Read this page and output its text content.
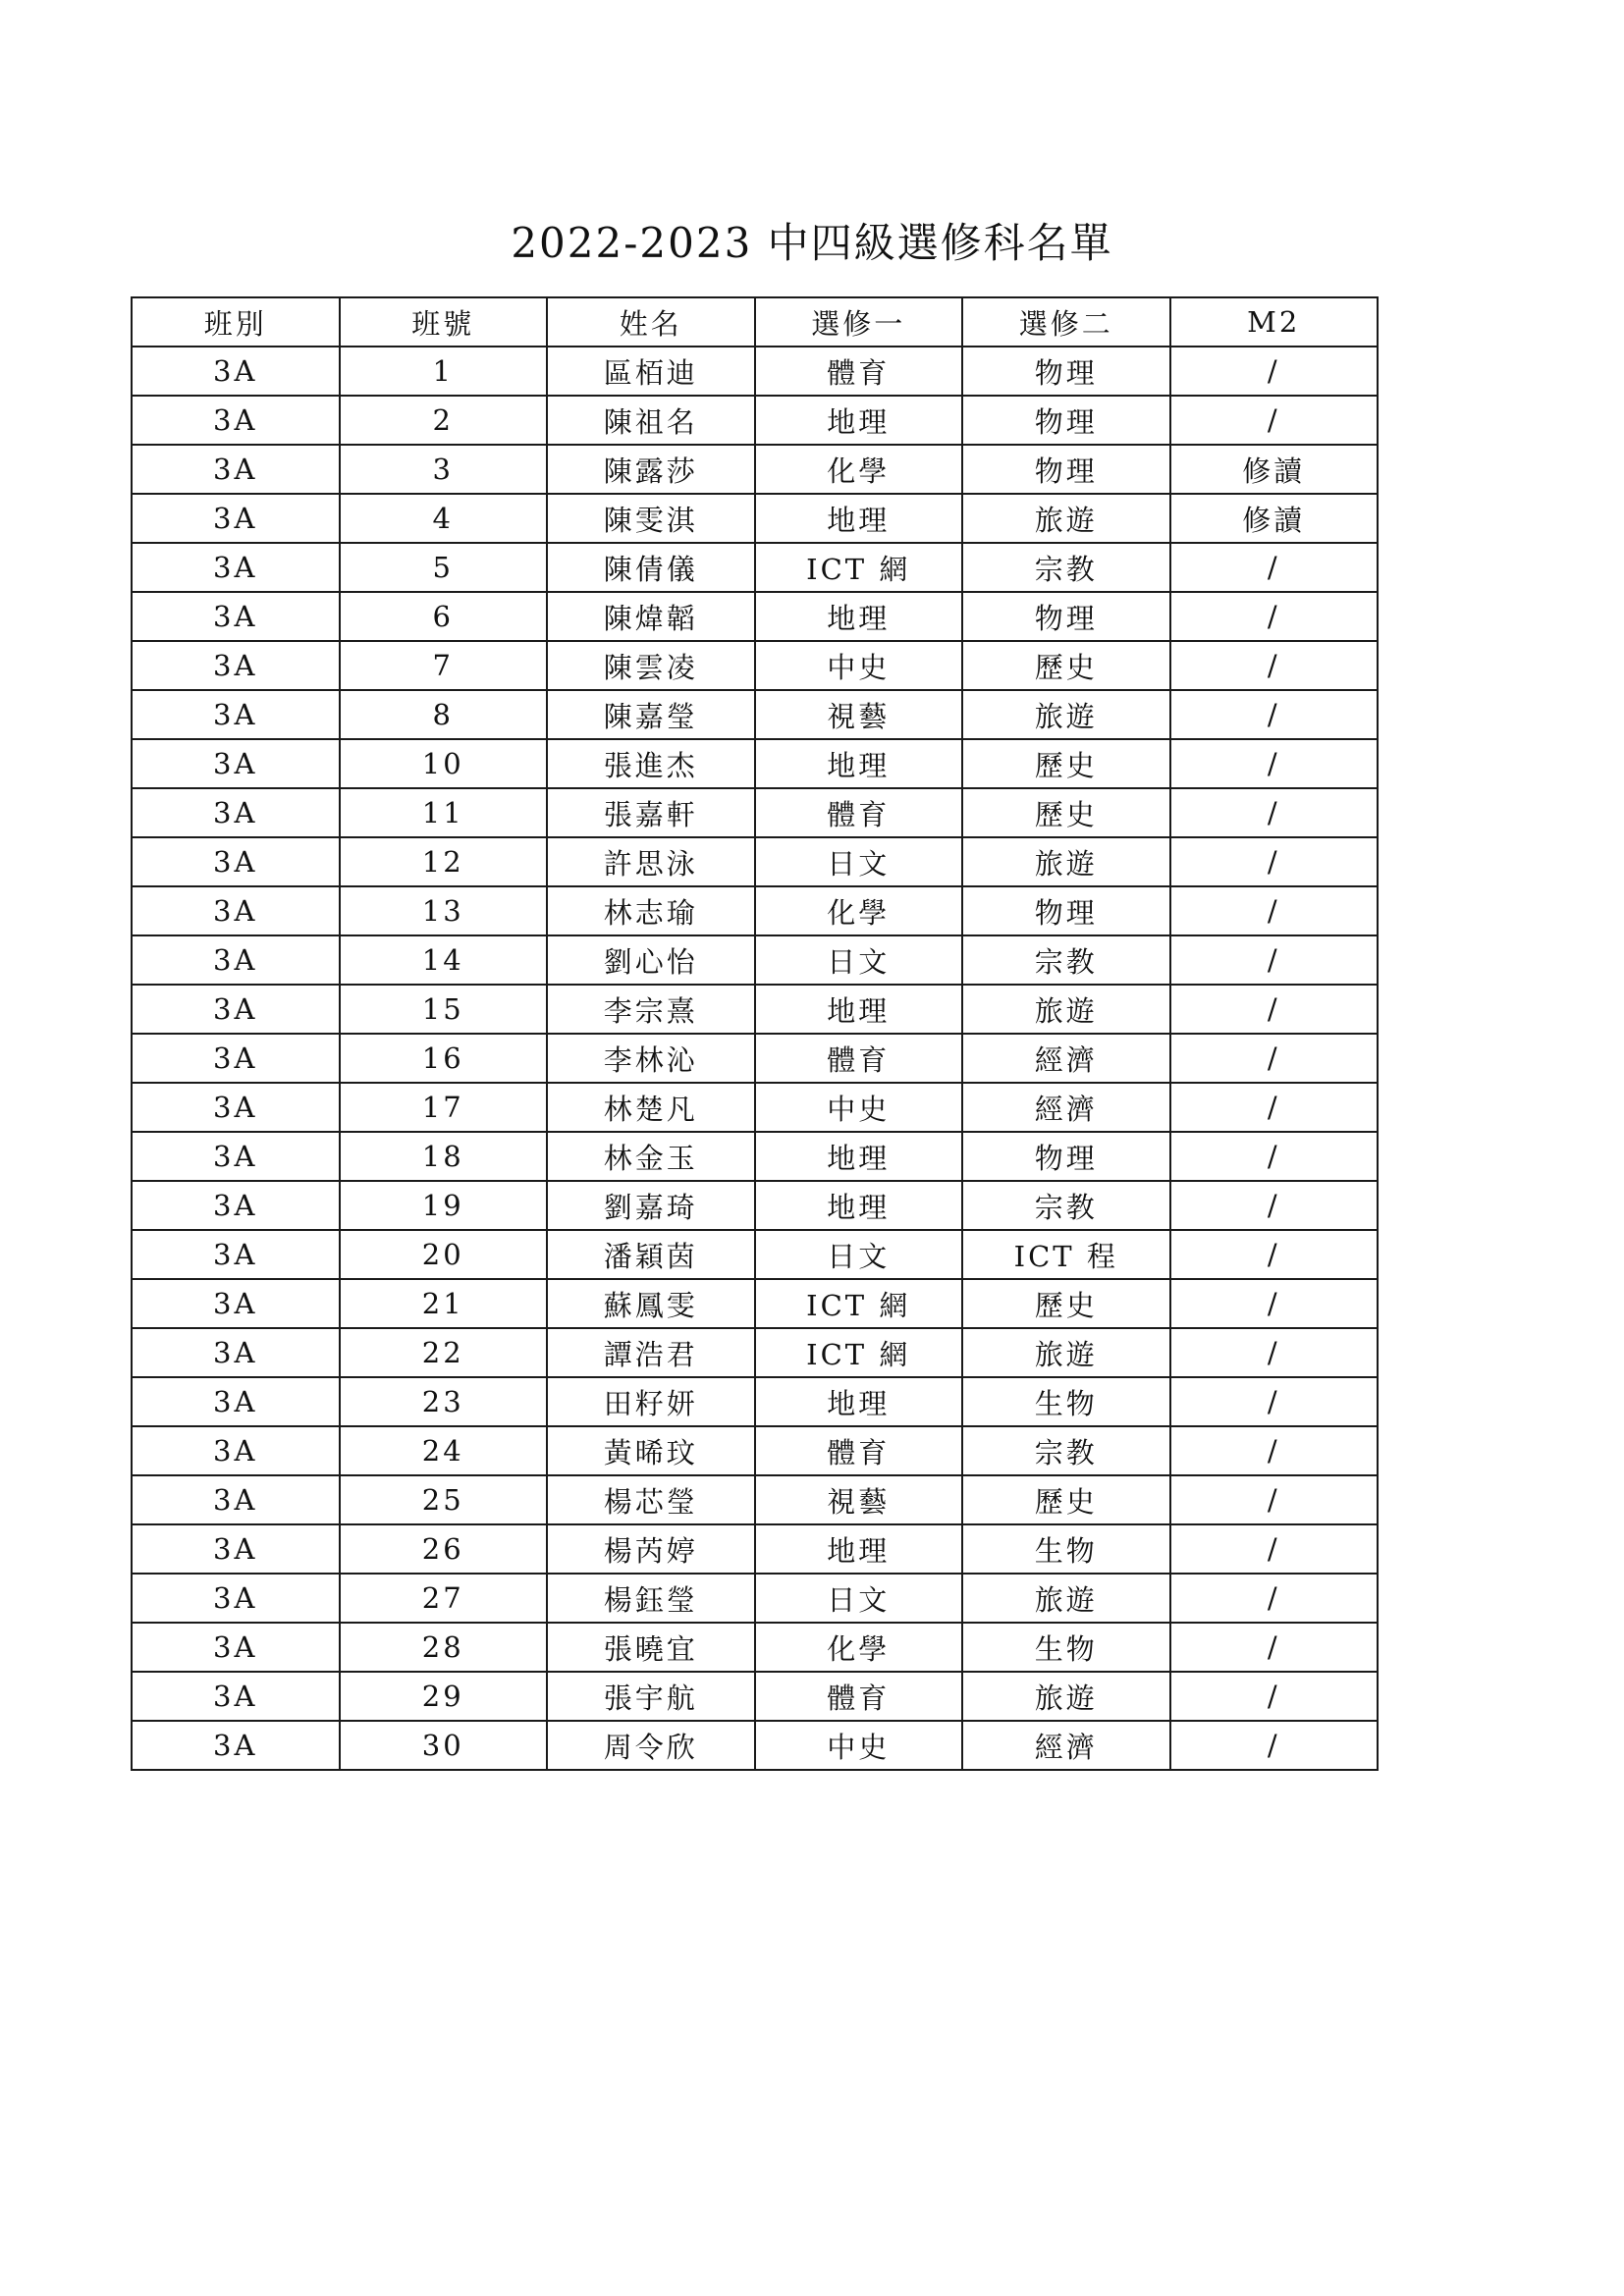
2022-2023 中四級選修科名單
班別	班號	姓名	選修一	選修二	M2
3A	1	區栢迪	體育	物理	/
3A	2	陳祖名	地理	物理	/
3A	3	陳露莎	化學	物理	修讀
3A	4	陳雯淇	地理	旅遊	修讀
3A	5	陳倩儀	ICT 網	宗教	/
3A	6	陳煒韜	地理	物理	/
3A	7	陳雲凌	中史	歷史	/
3A	8	陳嘉瑩	視藝	旅遊	/
3A	10	張進杰	地理	歷史	/
3A	11	張嘉軒	體育	歷史	/
3A	12	許思泳	日文	旅遊	/
3A	13	林志瑜	化學	物理	/
3A	14	劉心怡	日文	宗教	/
3A	15	李宗熹	地理	旅遊	/
3A	16	李林沁	體育	經濟	/
3A	17	林楚凡	中史	經濟	/
3A	18	林金玉	地理	物理	/
3A	19	劉嘉琦	地理	宗教	/
3A	20	潘穎茵	日文	ICT 程	/
3A	21	蘇鳳雯	ICT 網	歷史	/
3A	22	譚浩君	ICT 網	旅遊	/
3A	23	田籽妍	地理	生物	/
3A	24	黃晞玟	體育	宗教	/
3A	25	楊芯瑩	視藝	歷史	/
3A	26	楊芮婷	地理	生物	/
3A	27	楊鈺瑩	日文	旅遊	/
3A	28	張曉宜	化學	生物	/
3A	29	張宇航	體育	旅遊	/
3A	30	周令欣	中史	經濟	/
